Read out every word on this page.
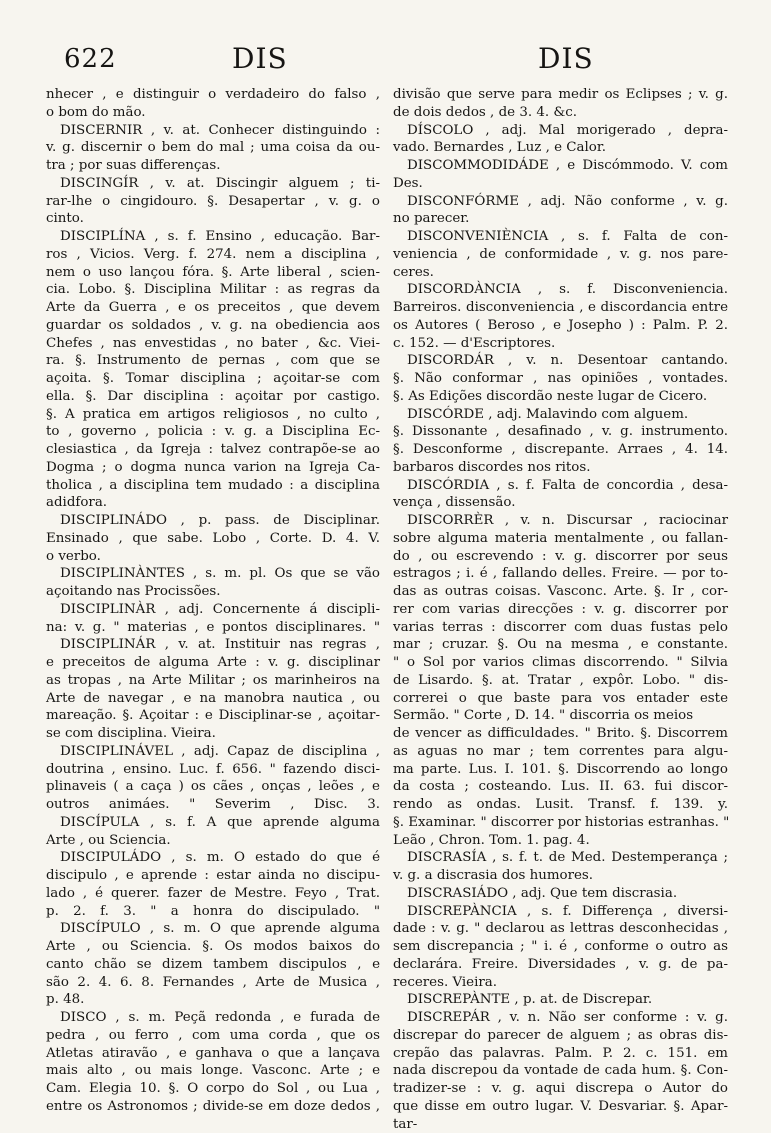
622	DIS	DIS
nhecer , e distinguir o verdadeiro do falso ,
o bom do mão.
DISCERNIR , v. at. Conhecer distinguindo :
v. g. discernir o bem do mal ; uma coisa da ou-
tra ; por suas differenças.
DISCINGÍR , v. at. Discingir alguem ; ti-
rar-lhe o cingidouro. §. Desapertar , v. g. o
cinto.
DISCIPLÍNA , s. f. Ensino , educação. Bar-
ros , Vicios. Verg. f. 274. nem a disciplina ,
nem o uso lançou fóra. §. Arte liberal , scien-
cia. Lobo. §. Disciplina Militar : as regras da
Arte da Guerra , e os preceitos , que devem
guardar os soldados , v. g. na obediencia aos
Chefes , nas envestidas , no bater , &c. Viei-
ra. §. Instrumento de pernas , com que se
açoita. §. Tomar disciplina ; açoitar-se com
ella. §. Dar disciplina : açoitar por castigo.
§. A pratica em artigos religiosos , no culto ,
to , governo , policia : v. g. a Disciplina Ec-
clesiastica , da Igreja : talvez contrapõe-se ao
Dogma ; o dogma nunca varion na Igreja Ca-
tholica , a disciplina tem mudado : a disciplina
adidfora.
DISCIPLINÁDO , p. pass. de Disciplinar.
Ensinado , que sabe. Lobo , Corte. D. 4. V.
o verbo.
DISCIPLINÀNTES , s. m. pl. Os que se vão
açoitando nas Procissões.
DISCIPLINÀR , adj. Concernente á discipli-
na: v. g. " materias , e pontos disciplinares. "
DISCIPLINÁR , v. at. Instituir nas regras ,
e preceitos de alguma Arte : v. g. disciplinar
as tropas , na Arte Militar ; os marinheiros na
Arte de navegar , e na manobra nautica , ou
mareação. §. Açoitar : e Disciplinar-se , açoitar-
se com disciplina. Vieira.
DISCIPLINÁVEL , adj. Capaz de disciplina ,
doutrina , ensino. Luc. f. 656. " fazendo disci-
plinaveis ( a caça ) os cães , onças , leões , e
outros animáes. " Severim , Disc. 3.
DISCÍPULA , s. f. A que aprende alguma
Arte , ou Sciencia.
DISCIPULÁDO , s. m. O estado do que é
discipulo , e aprende : estar ainda no discipu-
lado , é querer. fazer de Mestre. Feyo , Trat.
p. 2. f. 3. " a honra do discipulado. "
DISCÍPULO , s. m. O que aprende alguma
Arte , ou Sciencia. §. Os modos baixos do
canto chão se dizem tambem discipulos , e
são 2. 4. 6. 8. Fernandes , Arte de Musica ,
p. 48.
DISCO , s. m. Peçã redonda , e furada de
pedra , ou ferro , com uma corda , que os
Atletas atiravão , e ganhava o que a lançava
mais alto , ou mais longe. Vasconc. Arte ; e
Cam. Elegia 10. §. O corpo do Sol , ou Lua ,
entre os Astronomos ; divide-se em doze dedos ,
divisão que serve para medir os Eclipses ; v. g.
de dois dedos , de 3. 4. &c.
DÍSCOLO , adj. Mal morigerado , depra-
vado. Bernardes , Luz , e Calor.
DISCOMMODIDÁDE , e Discómmodo. V. com
Des.
DISCONFÓRME , adj. Não conforme , v. g.
no parecer.
DISCONVENIÈNCIA , s. f. Falta de con-
veniencia , de conformidade , v. g. nos pare-
ceres.
DISCORDÀNCIA , s. f. Disconveniencia.
Barreiros. disconveniencia , e discordancia entre
os Autores ( Beroso , e Josepho ) : Palm. P. 2.
c. 152. — d'Escriptores.
DISCORDÁR , v. n. Desentoar cantando.
§. Não conformar , nas opiniões , vontades.
§. As Edições discordão neste lugar de Cicero.
DISCÓRDE , adj. Malavindo com alguem.
§. Dissonante , desafinado , v. g. instrumento.
§. Desconforme , discrepante. Arraes , 4. 14.
barbaros discordes nos ritos.
DISCÓRDIA , s. f. Falta de concordia , desa-
vença , dissensão.
DISCORRÈR , v. n. Discursar , raciocinar
sobre alguma materia mentalmente , ou fallan-
do , ou escrevendo : v. g. discorrer por seus
estragos ; i. é , fallando delles. Freire. — por to-
das as outras coisas. Vasconc. Arte. §. Ir , cor-
rer com varias direcções : v. g. discorrer por
varias terras : discorrer com duas fustas pelo
mar ; cruzar. §. Ou na mesma , e constante.
" o Sol por varios climas discorrendo. " Silvia
de Lisardo. §. at. Tratar , expôr. Lobo. " dis-
correrei o que baste para vos entader este
Sermão. " Corte , D. 14. " discorria os meios
de vencer as difficuldades. " Brito. §. Discorrem
as aguas no mar ; tem correntes para algu-
ma parte. Lus. I. 101. §. Discorrendo ao longo
da costa ; costeando. Lus. II. 63. fui discor-
rendo as ondas. Lusit. Transf. f. 139. y.
§. Examinar. " discorrer por historias estranhas. "
Leão , Chron. Tom. 1. pag. 4.
DISCRASÍA , s. f. t. de Med. Destemperança ;
v. g. a discrasia dos humores.
DISCRASIÁDO , adj. Que tem discrasia.
DISCREPÀNCIA , s. f. Differença , diversi-
dade : v. g. " declarou as lettras desconhecidas ,
sem discrepancia ; " i. é , conforme o outro as
declarára. Freire. Diversidades , v. g. de pa-
receres. Vieira.
DISCREPÀNTE , p. at. de Discrepar.
DISCREPÁR , v. n. Não ser conforme : v. g.
discrepar do parecer de alguem ; as obras dis-
crepão das palavras. Palm. P. 2. c. 151. em
nada discrepou da vontade de cada hum. §. Con-
tradizer-se : v. g. aqui discrepa o Autor do
que disse em outro lugar. V. Desvariar. §. Apar-
tar-
